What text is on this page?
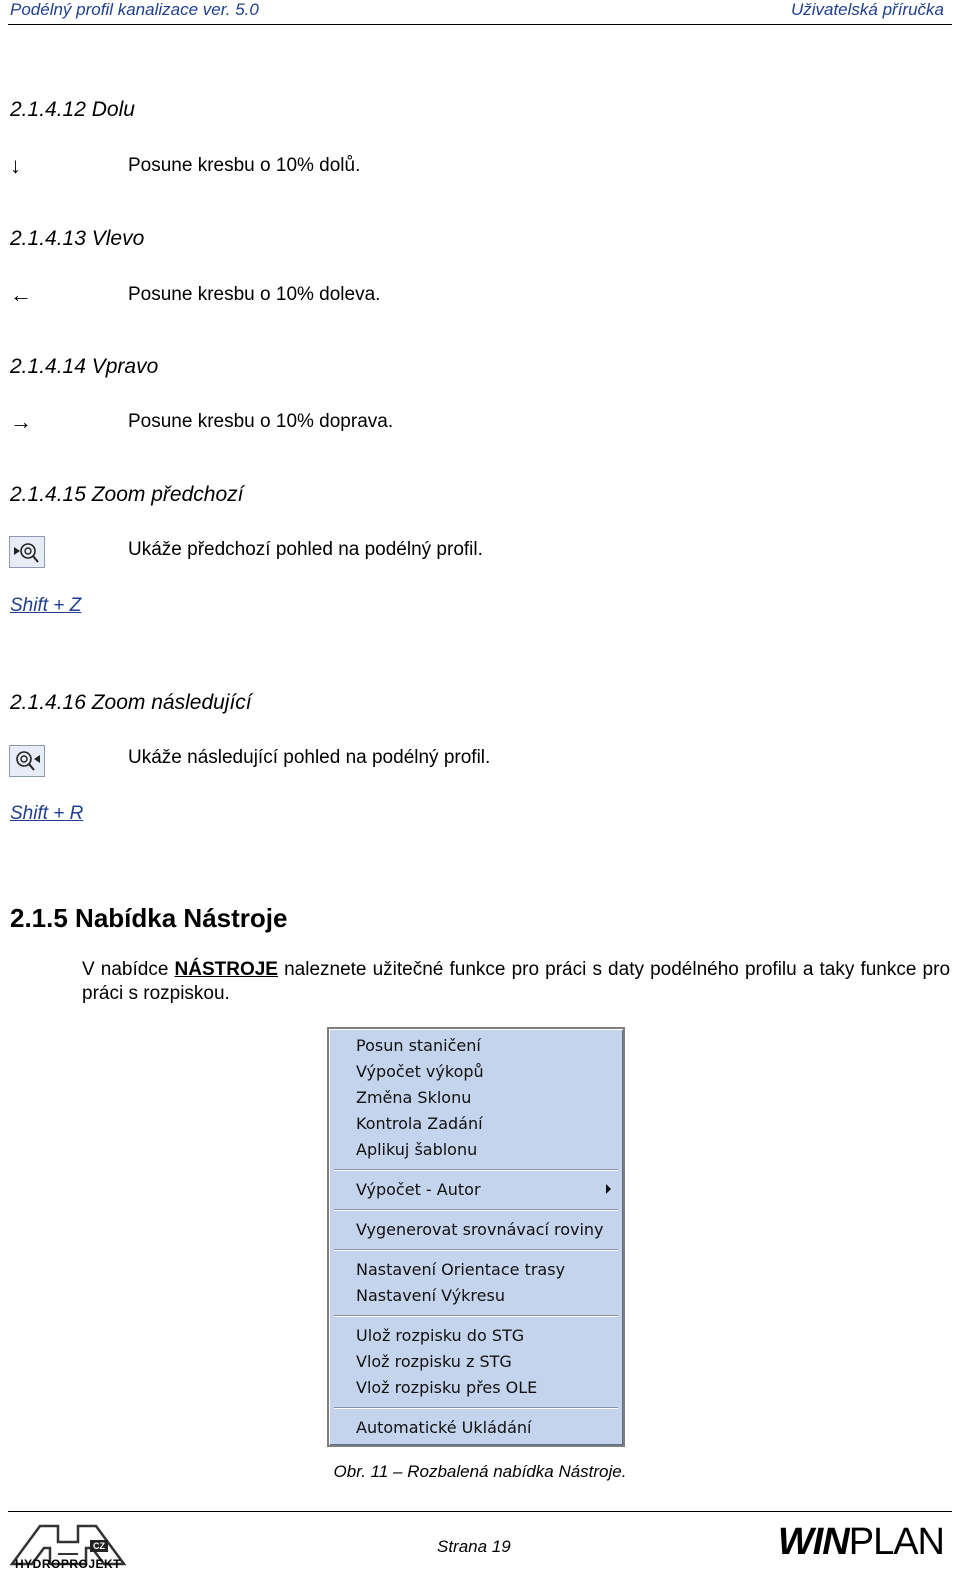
Podélný profil kanalizace ver. 5.0	Uživatelská příručka
2.1.4.12 Dolu
↓	Posune kresbu o 10% dolů.
2.1.4.13 Vlevo
←	Posune kresbu o 10% doleva.
2.1.4.14 Vpravo
→	Posune kresbu o 10% doprava.
2.1.4.15 Zoom předchozí
Ukáže předchozí pohled na podélný profil.
Shift + Z
2.1.4.16 Zoom následující
Ukáže následující pohled na podélný profil.
Shift + R
2.1.5 Nabídka Nástroje
V nabídce NÁSTROJE naleznete užitečné funkce pro práci s daty podélného profilu a taky funkce pro práci s rozpiskou.
Posun staničení
Výpočet výkopů
Změna Sklonu
Kontrola Zadání
Aplikuj šablonu
Výpočet - Autor
Vygenerovat srovnávací roviny
Nastavení Orientace trasy
Nastavení Výkresu
Ulož rozpisku do STG
Vlož rozpisku z STG
Vlož rozpisku přes OLE
Automatické Ukládání
Obr. 11 – Rozbalená nabídka Nástroje.
CZ
HYDROPROJEKT
Strana 19	WINPLAN
